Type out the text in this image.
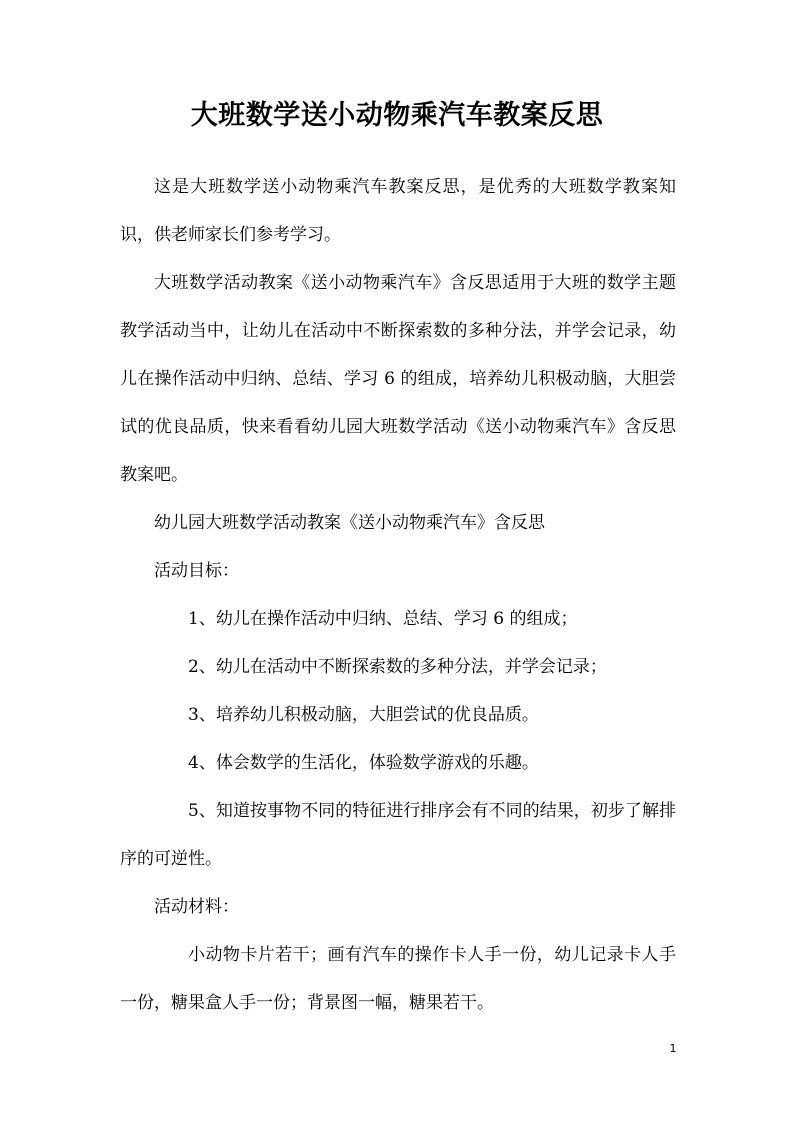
大班数学送小动物乘汽车教案反思

这是大班数学送小动物乘汽车教案反思，是优秀的大班数学教案知识，供老师家长们参考学习。

大班数学活动教案《送小动物乘汽车》含反思适用于大班的数学主题教学活动当中，让幼儿在活动中不断探索数的多种分法，并学会记录，幼儿在操作活动中归纳、总结、学习 6 的组成，培养幼儿积极动脑，大胆尝试的优良品质，快来看看幼儿园大班数学活动《送小动物乘汽车》含反思教案吧。

幼儿园大班数学活动教案《送小动物乘汽车》含反思

活动目标：

1、幼儿在操作活动中归纳、总结、学习 6 的组成；

2、幼儿在活动中不断探索数的多种分法，并学会记录；

3、培养幼儿积极动脑，大胆尝试的优良品质。

4、体会数学的生活化，体验数学游戏的乐趣。

5、知道按事物不同的特征进行排序会有不同的结果，初步了解排序的可逆性。

活动材料：

小动物卡片若干；画有汽车的操作卡人手一份，幼儿记录卡人手一份，糖果盒人手一份；背景图一幅，糖果若干。

1
